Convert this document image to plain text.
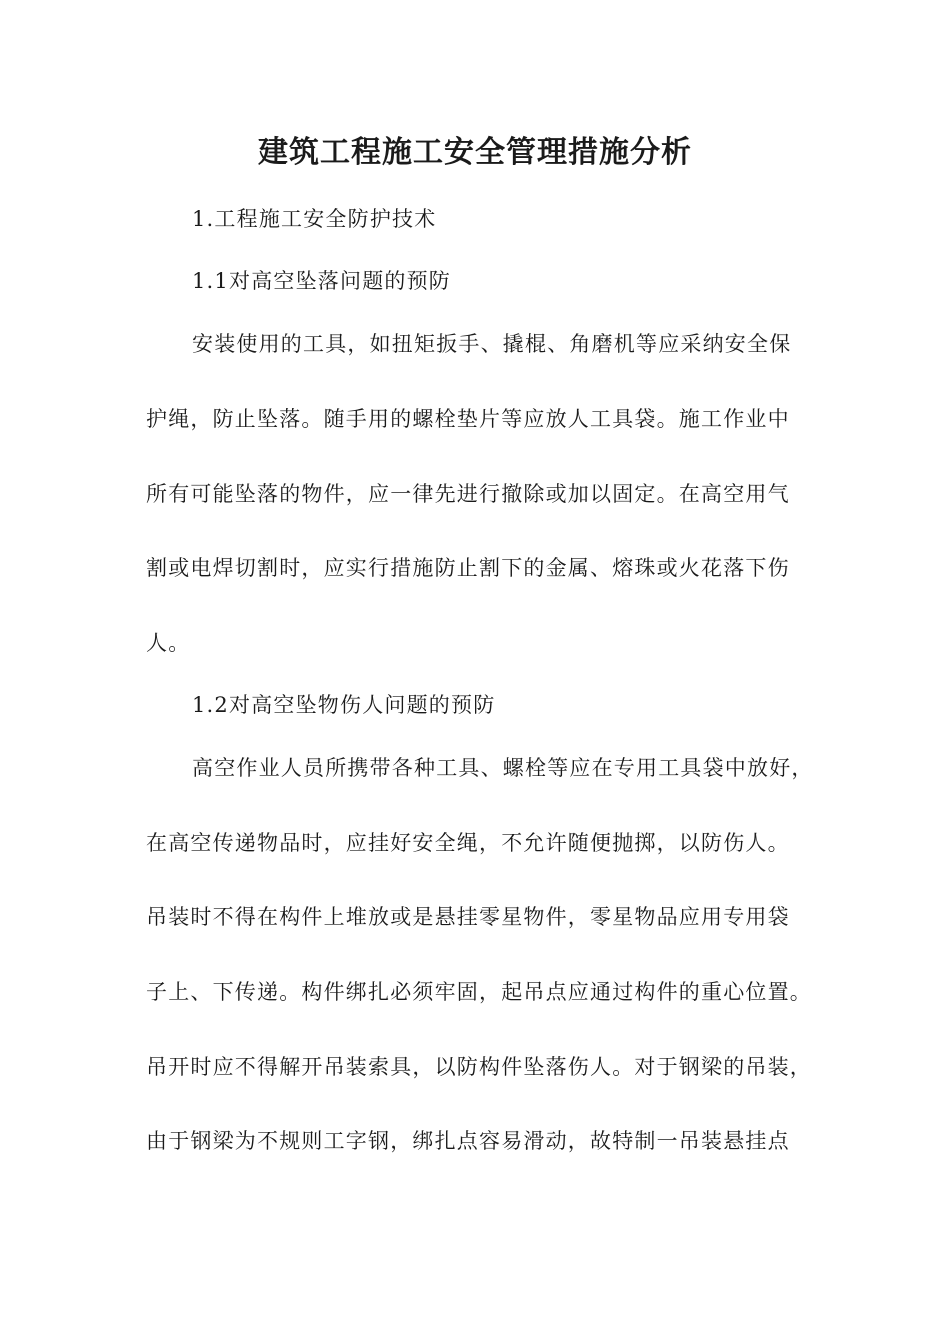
建筑工程施工安全管理措施分析

1.工程施工安全防护技术

1.1对高空坠落问题的预防

安装使用的工具，如扭矩扳手、撬棍、角磨机等应采纳安全保

护绳，防止坠落。随手用的螺栓垫片等应放人工具袋。施工作业中

所有可能坠落的物件，应一律先进行撤除或加以固定。在高空用气

割或电焊切割时，应实行措施防止割下的金属、熔珠或火花落下伤

人。

1.2对高空坠物伤人问题的预防

高空作业人员所携带各种工具、螺栓等应在专用工具袋中放好，

在高空传递物品时，应挂好安全绳，不允许随便抛掷，以防伤人。

吊装时不得在构件上堆放或是悬挂零星物件，零星物品应用专用袋

子上、下传递。构件绑扎必须牢固，起吊点应通过构件的重心位置。

吊开时应不得解开吊装索具，以防构件坠落伤人。对于钢梁的吊装，

由于钢梁为不规则工字钢，绑扎点容易滑动，故特制一吊装悬挂点
